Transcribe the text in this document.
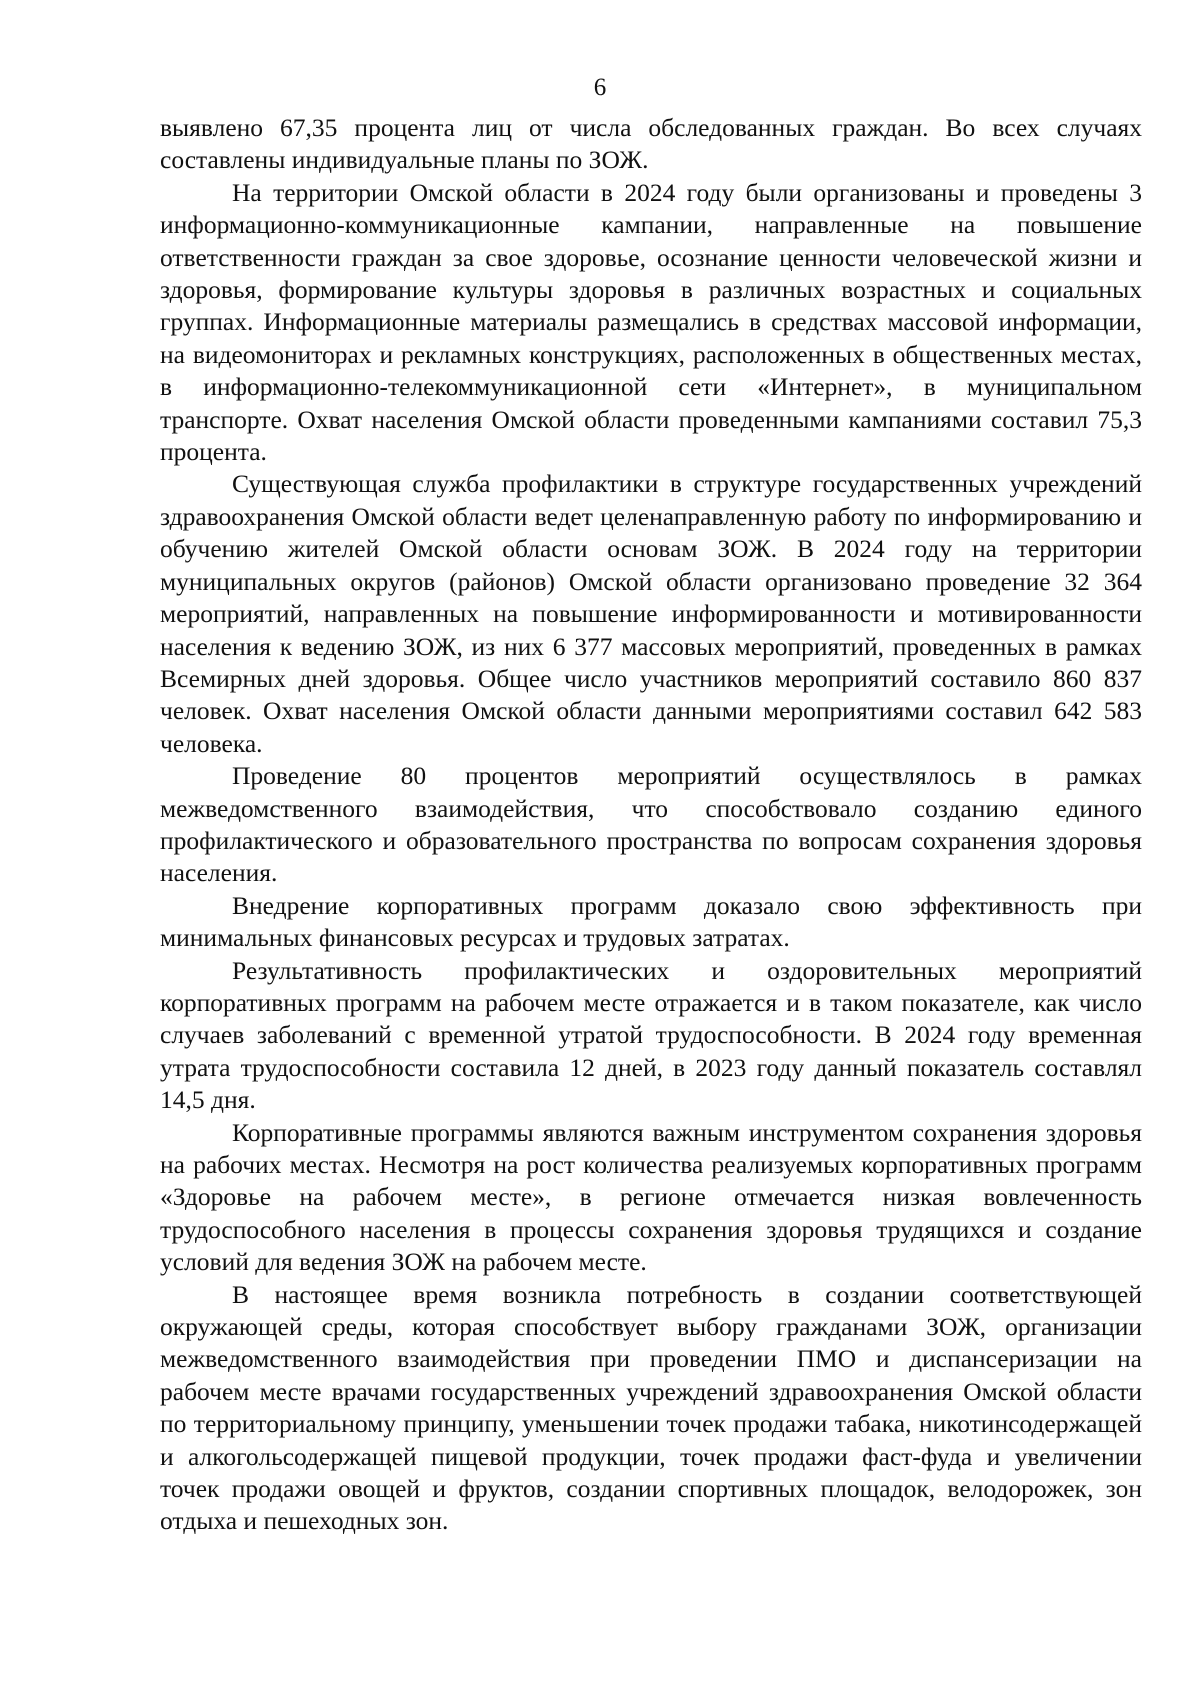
6

выявлено 67,35 процента лиц от числа обследованных граждан. Во всех случаях составлены индивидуальные планы по ЗОЖ.

На территории Омской области в 2024 году были организованы и проведены 3 информационно-коммуникационные кампании, направленные на повышение ответственности граждан за свое здоровье, осознание ценности человеческой жизни и здоровья, формирование культуры здоровья в различных возрастных и социальных группах. Информационные материалы размещались в средствах массовой информации, на видеомониторах и рекламных конструкциях, расположенных в общественных местах, в информационно-телекоммуникационной сети «Интернет», в муниципальном транспорте. Охват населения Омской области проведенными кампаниями составил 75,3 процента.

Существующая служба профилактики в структуре государственных учреждений здравоохранения Омской области ведет целенаправленную работу по информированию и обучению жителей Омской области основам ЗОЖ. В 2024 году на территории муниципальных округов (районов) Омской области организовано проведение 32 364 мероприятий, направленных на повышение информированности и мотивированности населения к ведению ЗОЖ, из них 6 377 массовых мероприятий, проведенных в рамках Всемирных дней здоровья. Общее число участников мероприятий составило 860 837 человек. Охват населения Омской области данными мероприятиями составил 642 583 человека.

Проведение 80 процентов мероприятий осуществлялось в рамках межведомственного взаимодействия, что способствовало созданию единого профилактического и образовательного пространства по вопросам сохранения здоровья населения.

Внедрение корпоративных программ доказало свою эффективность при минимальных финансовых ресурсах и трудовых затратах.

Результативность профилактических и оздоровительных мероприятий корпоративных программ на рабочем месте отражается и в таком показателе, как число случаев заболеваний с временной утратой трудоспособности. В 2024 году временная утрата трудоспособности составила 12 дней, в 2023 году данный показатель составлял 14,5 дня.

Корпоративные программы являются важным инструментом сохранения здоровья на рабочих местах. Несмотря на рост количества реализуемых корпоративных программ «Здоровье на рабочем месте», в регионе отмечается низкая вовлеченность трудоспособного населения в процессы сохранения здоровья трудящихся и создание условий для ведения ЗОЖ на рабочем месте.

В настоящее время возникла потребность в создании соответствующей окружающей среды, которая способствует выбору гражданами ЗОЖ, организации межведомственного взаимодействия при проведении ПМО и диспансеризации на рабочем месте врачами государственных учреждений здравоохранения Омской области по территориальному принципу, уменьшении точек продажи табака, никотинсодержащей и алкогольсодержащей пищевой продукции, точек продажи фаст-фуда и увеличении точек продажи овощей и фруктов, создании спортивных площадок, велодорожек, зон отдыха и пешеходных зон.
